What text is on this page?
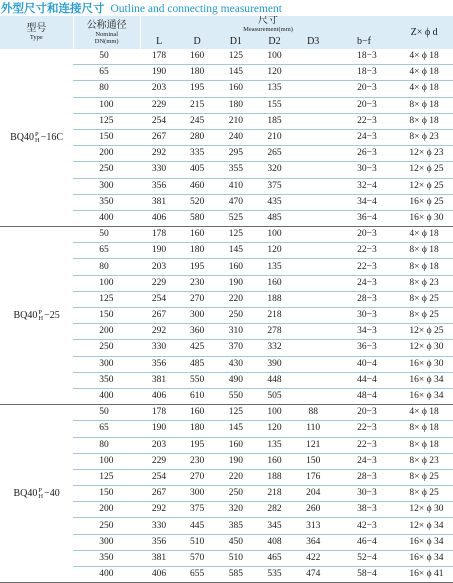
外型尺寸和连接尺寸 Outline and connecting measurement
型号
Type	公称通径
Nominal
DN(mm)	尺寸
Measurement(mm)						Z× ϕ d
		L	D	D1	D2	D3	b−f	
BQ40 P
H −16C	50	178	160	125	100		18−3	4× ϕ 18
	65	190	180	145	120		18−3	4× ϕ 18
	80	203	195	160	135		20−3	4× ϕ 18
	100	229	215	180	155		20−3	8× ϕ 18
	125	254	245	210	185		22−3	8× ϕ 18
	150	267	280	240	210		24−3	8× ϕ 23
	200	292	335	295	265		26−3	12× ϕ 23
	250	330	405	355	320		30−3	12× ϕ 25
	300	356	460	410	375		32−4	12× ϕ 25
	350	381	520	470	435		34−4	16× ϕ 25
	400	406	580	525	485		36−4	16× ϕ 30
BQ40 P
H −25	50	178	160	125	100		20−3	4× ϕ 18
	65	190	180	145	120		22−3	8× ϕ 18
	80	203	195	160	135		22−3	8× ϕ 18
	100	229	230	190	160		24−3	8× ϕ 23
	125	254	270	220	188		28−3	8× ϕ 25
	150	267	300	250	218		30−3	8× ϕ 25
	200	292	360	310	278		34−3	12× ϕ 25
	250	330	425	370	332		36−3	12× ϕ 30
	300	356	485	430	390		40−4	16× ϕ 30
	350	381	550	490	448		44−4	16× ϕ 34
	400	406	610	550	505		48−4	16× ϕ 34
BQ40 P
H −40	50	178	160	125	100	88	20−3	4× ϕ 18
	65	190	180	145	120	110	22−3	8× ϕ 18
	80	203	195	160	135	121	22−3	8× ϕ 18
	100	229	230	190	160	150	24−3	8× ϕ 23
	125	254	270	220	188	176	28−3	8× ϕ 25
	150	267	300	250	218	204	30−3	8× ϕ 25
	200	292	375	320	282	260	38−3	12× ϕ 30
	250	330	445	385	345	313	42−3	12× ϕ 34
	300	356	510	450	408	364	46−4	16× ϕ 34
	350	381	570	510	465	422	52−4	16× ϕ 34
	400	406	655	585	535	474	58−4	16× ϕ 41
